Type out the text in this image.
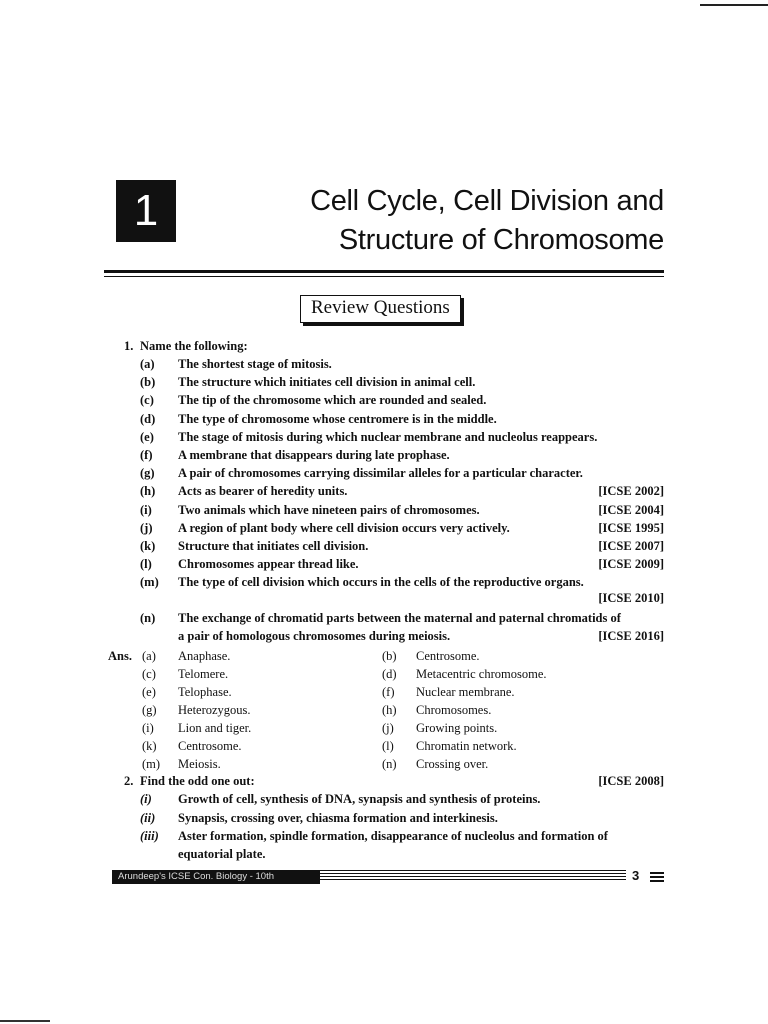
1	Cell Cycle, Cell Division and
Structure of Chromosome
Review Questions
1. Name the following:
(a)	The shortest stage of mitosis.
(b)	The structure which initiates cell division in animal cell.
(c)	The tip of the chromosome which are rounded and sealed.
(d)	The type of chromosome whose centromere is in the middle.
(e)	The stage of mitosis during which nuclear membrane and nucleolus reappears.
(f)	A membrane that disappears during late prophase.
(g)	A pair of chromosomes carrying dissimilar alleles for a particular character.
(h)	Acts as bearer of heredity units.	[ICSE 2002]
(i)	Two animals which have nineteen pairs of chromosomes.	[ICSE 2004]
(j)	A region of plant body where cell division occurs very actively.	[ICSE 1995]
(k)	Structure that initiates cell division.	[ICSE 2007]
(l)	Chromosomes appear thread like.	[ICSE 2009]
(m)	The type of cell division which occurs in the cells of the reproductive organs.
[ICSE 2010]
(n)	The exchange of chromatid parts between the maternal and paternal chromatids of
a pair of homologous chromosomes during meiosis.	[ICSE 2016]
Ans. (a) Anaphase.	(b) Centrosome.
(c) Telomere.	(d) Metacentric chromosome.
(e) Telophase.	(f) Nuclear membrane.
(g) Heterozygous.	(h) Chromosomes.
(i) Lion and tiger.	(j) Growing points.
(k) Centrosome.	(l) Chromatin network.
(m) Meiosis.	(n) Crossing over.
2. Find the odd one out:	[ICSE 2008]
(i)	Growth of cell, synthesis of DNA, synapsis and synthesis of proteins.
(ii)	Synapsis, crossing over, chiasma formation and interkinesis.
(iii)	Aster formation, spindle formation, disappearance of nucleolus and formation of
equatorial plate.
Arundeep's ICSE Con. Biology - 10th	3
